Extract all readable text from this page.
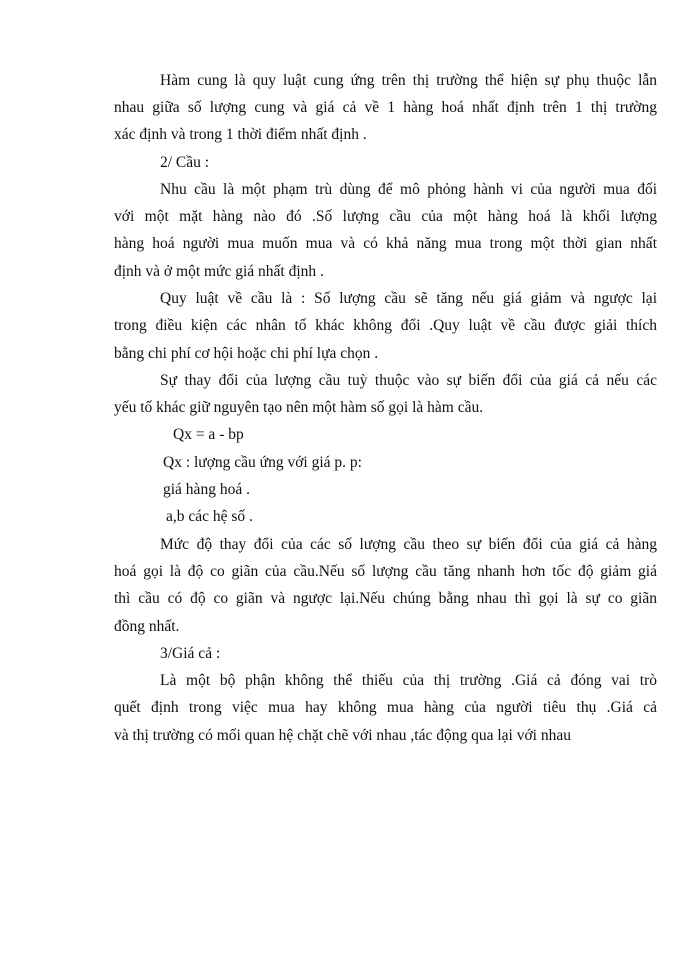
Hàm cung là quy luật cung ứng trên thị trường thể hiện sự phụ thuộc lẫn
nhau giữa số lượng cung và giá cả về 1 hàng hoá nhất định trên 1 thị trường
xác định và trong 1 thời điểm nhất định .
2/ Cầu :
Nhu cầu là một phạm trù dùng để mô phỏng hành vi của người mua đối
với một mặt hàng nào đó .Số lượng cầu của một hàng hoá là khối lượng
hàng hoá người mua muốn mua và có khả năng mua trong một thời gian nhất
định và ở một mức giá nhất định .
Quy luật về cầu là : Số lượng cầu sẽ tăng nếu giá giảm và ngược lại
trong điều kiện các nhân tố khác không đổi .Quy luật về cầu được giải thích
bằng chi phí cơ hội hoặc chi phí lựa chọn .
Sự thay đổi của lượng cầu tuỳ thuộc vào sự biến đổi của giá cả nếu các
yếu tố khác giữ nguyên tạo nên một hàm số gọi là hàm cầu.
Qx = a - bp
Qx : lượng cầu ứng với giá p. p:
giá hàng hoá .
a,b các hệ số .
Mức độ thay đổi của các số lượng cầu theo sự biến đổi của giá cả hàng
hoá gọi là độ co giãn của cầu.Nếu số lượng cầu tăng nhanh hơn tốc độ giảm giá
thì cầu có độ co giãn và ngược lại.Nếu chúng bằng nhau thì gọi là sự co giãn
đồng nhất.
3/Giá cả :
Là một bộ phận không thể thiếu của thị trường .Giá cả đóng vai trò
quết định trong việc mua hay không mua hàng của người tiêu thụ .Giá cả
và thị trường có mối quan hệ chặt chẽ với nhau ,tác động qua lại với nhau
